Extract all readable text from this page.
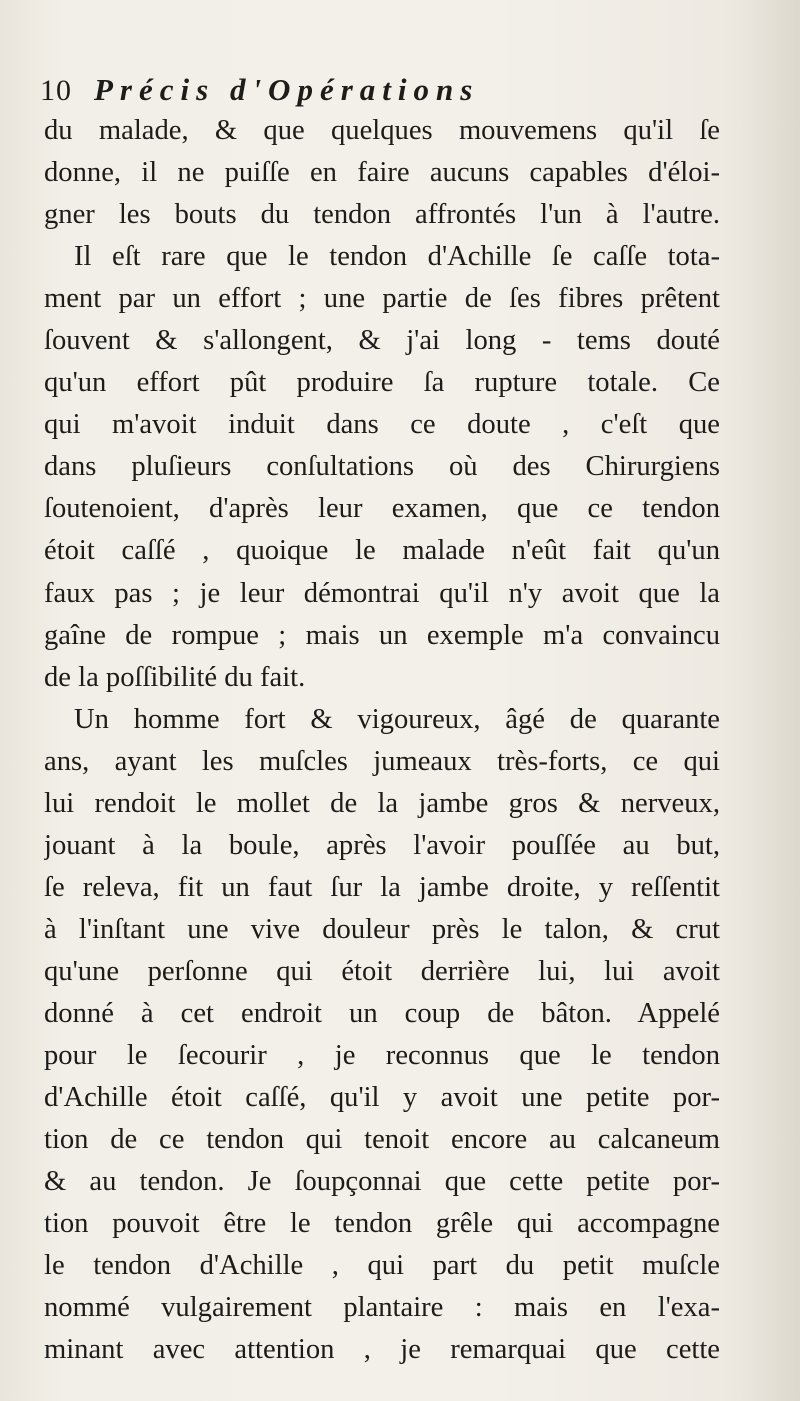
10 Précis d'Opérations
du malade, & que quelques mouvemens qu'il ſe
donne, il ne puiſſe en faire aucuns capables d'éloi-
gner les bouts du tendon affrontés l'un à l'autre.
Il eſt rare que le tendon d'Achille ſe caſſe tota-
ment par un effort ; une partie de ſes fibres prêtent
ſouvent & s'allongent, & j'ai long - tems douté
qu'un effort pût produire ſa rupture totale. Ce
qui m'avoit induit dans ce doute , c'eſt que
dans pluſieurs conſultations où des Chirurgiens
ſoutenoient, d'après leur examen, que ce tendon
étoit caſſé , quoique le malade n'eût fait qu'un
faux pas ; je leur démontrai qu'il n'y avoit que la
gaîne de rompue ; mais un exemple m'a convaincu
de la poſſibilité du fait.
Un homme fort & vigoureux, âgé de quarante
ans, ayant les muſcles jumeaux très-forts, ce qui
lui rendoit le mollet de la jambe gros & nerveux,
jouant à la boule, après l'avoir pouſſée au but,
ſe releva, fit un faut ſur la jambe droite, y reſſentit
à l'inſtant une vive douleur près le talon, & crut
qu'une perſonne qui étoit derrière lui, lui avoit
donné à cet endroit un coup de bâton. Appelé
pour le ſecourir , je reconnus que le tendon
d'Achille étoit caſſé, qu'il y avoit une petite por-
tion de ce tendon qui tenoit encore au calcaneum
& au tendon. Je ſoupçonnai que cette petite por-
tion pouvoit être le tendon grêle qui accompagne
le tendon d'Achille , qui part du petit muſcle
nommé vulgairement plantaire : mais en l'exa-
minant avec attention , je remarquai que cette
